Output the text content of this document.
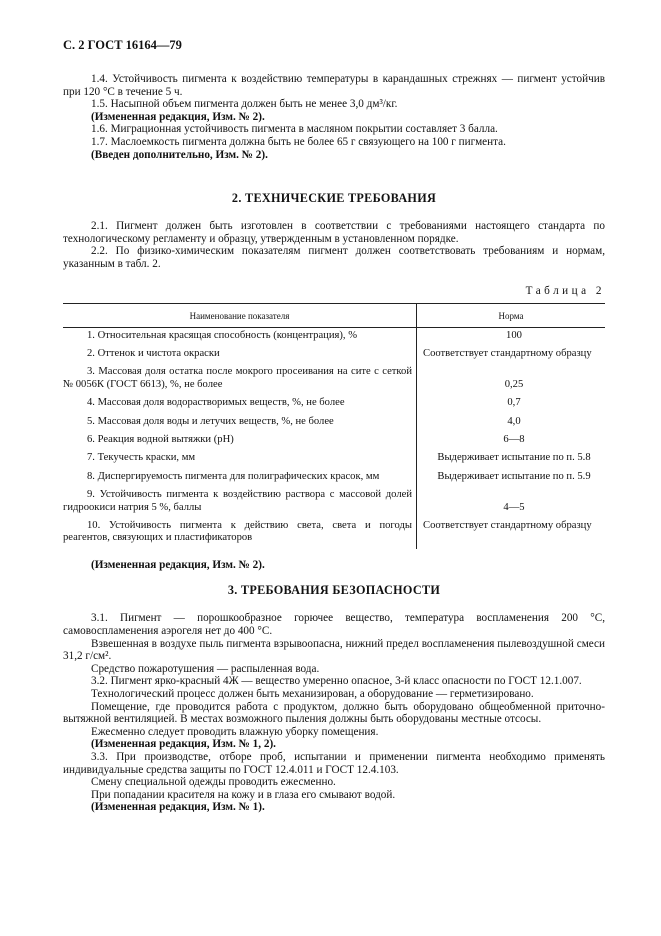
С. 2 ГОСТ 16164—79

1.4. Устойчивость пигмента к воздействию температуры в карандашных стрежнях — пигмент устойчив при 120 °С в течение 5 ч.

1.5. Насыпной объем пигмента должен быть не менее 3,0 дм³/кг.

(Измененная редакция, Изм. № 2).

1.6. Миграционная устойчивость пигмента в масляном покрытии составляет 3 балла.

1.7. Маслоемкость пигмента должна быть не более 65 г связующего на 100 г пигмента.

(Введен дополнительно, Изм. № 2).

2. ТЕХНИЧЕСКИЕ ТРЕБОВАНИЯ

2.1. Пигмент должен быть изготовлен в соответствии с требованиями настоящего стандарта по технологическому регламенту и образцу, утвержденным в установленном порядке.

2.2. По физико-химическим показателям пигмент должен соответствовать требованиям и нормам, указанным в табл. 2.

Таблица 2
Наименование показателя	Норма
1. Относительная красящая способность (концентрация), %	100
2. Оттенок и чистота окраски	Соответствует стандартному образцу
3. Массовая доля остатка после мокрого просеивания на сите с сеткой № 0056К (ГОСТ 6613), %, не более	0,25
4. Массовая доля водорастворимых веществ, %, не более	0,7
5. Массовая доля воды и летучих веществ, %, не более	4,0
6. Реакция водной вытяжки (рН)	6—8
7. Текучесть краски, мм	Выдерживает испытание по п. 5.8
8. Диспергируемость пигмента для полиграфических красок, мм	Выдерживает испытание по п. 5.9
9. Устойчивость пигмента к воздействию раствора с массовой долей гидроокиси натрия 5 %, баллы	4—5
10. Устойчивость пигмента к действию света, света и погоды реагентов, связующих и пластификаторов	Соответствует стандартному образцу

(Измененная редакция, Изм. № 2).

3. ТРЕБОВАНИЯ БЕЗОПАСНОСТИ

3.1. Пигмент — порошкообразное горючее вещество, температура воспламенения 200 °С, самовоспламенения аэрогеля нет до 400 °С.

Взвешенная в воздухе пыль пигмента взрывоопасна, нижний предел воспламенения пылевоздушной смеси 31,2 г/см².

Средство пожаротушения — распыленная вода.

3.2. Пигмент ярко-красный 4Ж — вещество умеренно опасное, 3-й класс опасности по ГОСТ 12.1.007.

Технологический процесс должен быть механизирован, а оборудование — герметизировано.

Помещение, где проводится работа с продуктом, должно быть оборудовано общеобменной приточно-вытяжной вентиляцией. В местах возможного пыления должны быть оборудованы местные отсосы.

Ежесменно следует проводить влажную уборку помещения.

(Измененная редакция, Изм. № 1, 2).

3.3. При производстве, отборе проб, испытании и применении пигмента необходимо применять индивидуальные средства защиты по ГОСТ 12.4.011 и ГОСТ 12.4.103.

Смену специальной одежды проводить ежесменно.

При попадании красителя на кожу и в глаза его смывают водой.

(Измененная редакция, Изм. № 1).
